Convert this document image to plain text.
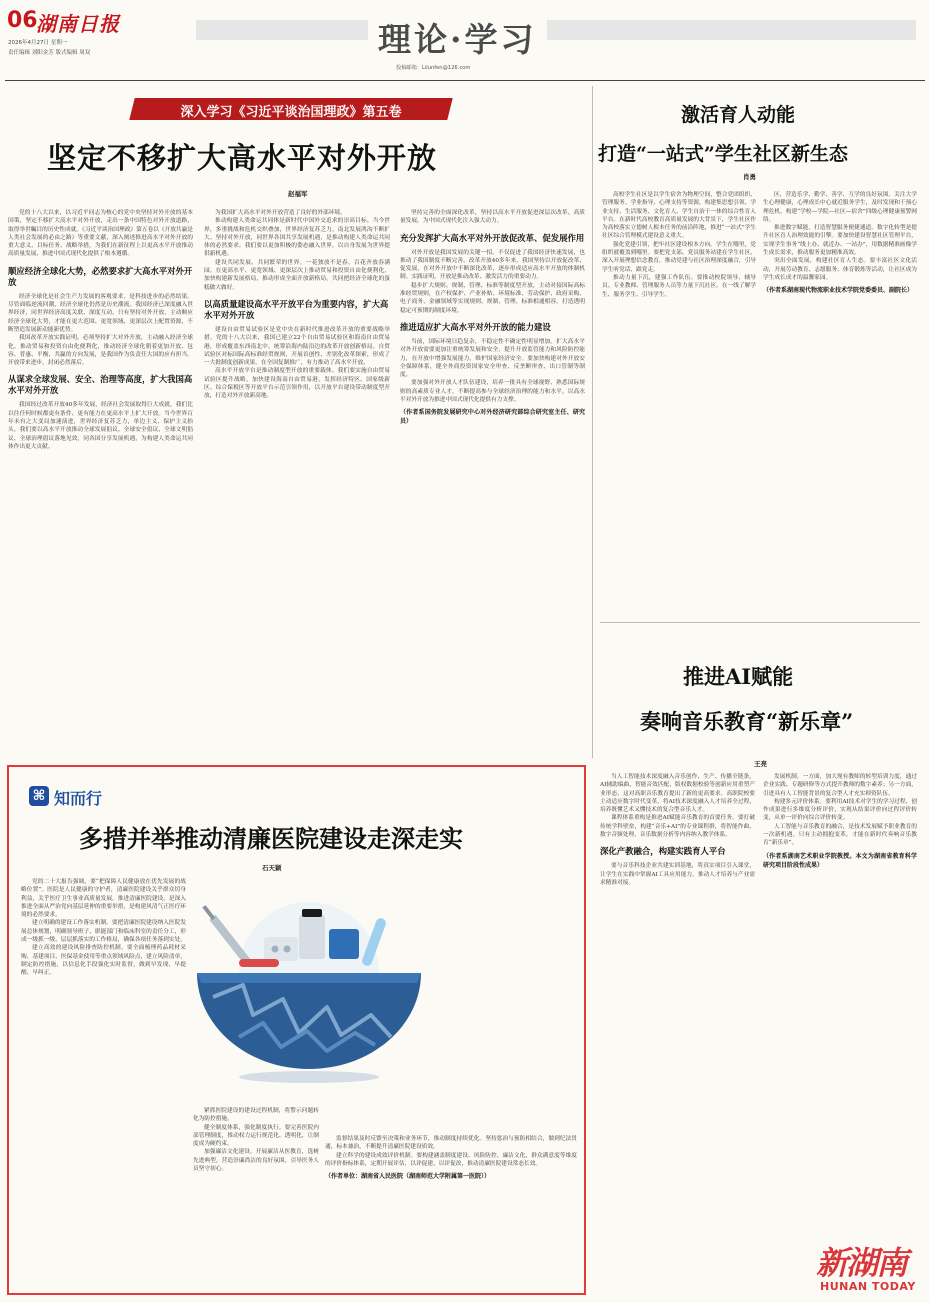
06
湖南日报
2026年4月27日 星期一
责任编辑 刘阳金芳 版式编辑 周双	理论·学习
投稿邮箱：Lilunfen@126.com
深入学习《习近平谈治国理政》第五卷
坚定不移扩大高水平对外开放
赵福军

党的十八大以来，以习近平同志为核心的党中央坚持对外开放的基本国策，坚定不移扩大高水平对外开放，走出一条中国特色对外开放道路，取得举世瞩目的历史性成就。《习近平谈治国理政》第五卷以《开放共赢是人类社会发展的必由之路》等重要文献，深入阐述推进高水平对外开放的重大意义、目标任务、战略举措，为我们在新征程上以更高水平开放推动高质量发展、推进中国式现代化提供了根本遵循。

顺应经济全球化大势，必然要求扩大高水平对外开放

经济全球化是社会生产力发展的客观要求，是科技进步的必然结果。尽管面临逆流回潮，经济全球化仍然是历史潮流。我国经济已深度融入世界经济，同世界经济高度关联、深度互动，只有坚持对外开放、主动顺应经济全球化大势，才能在更大范围、更宽领域、更深层次上配置资源，不断塑造发展新动能新优势。

我国改革开放实践证明，必须坚持扩大对外开放，主动融入经济全球化。推动贸易和投资自由化便利化，推动经济全球化朝着更加开放、包容、普惠、平衡、共赢的方向发展，是我国作为负责任大国的应有担当。开放带来进步，封闭必然落后。

从谋求全球发展、安全、治理等高度，扩大我国高水平对外开放

我国经过改革开放40多年发展，经济社会发展取得巨大成就，我们比以往任何时候都更有条件、更有能力在更高水平上扩大开放。当今世界百年未有之大变局加速演进，世界经济复苏乏力，单边主义、保护主义抬头。我们要以高水平开放推动全球发展倡议、全球安全倡议、全球文明倡议、全球治理倡议落地见效，同各国分享发展机遇，为构建人类命运共同体作出更大贡献。

为我国扩大高水平对外开放营造了良好的外部环境。

推动构建人类命运共同体是新时代中国外交追求的崇高目标。当今世界，多重挑战和危机交织叠加，世界经济复苏乏力，南北发展鸿沟不断扩大。坚持对外开放，同世界各国共享发展机遇，是推动构建人类命运共同体的必然要求。我们要以更加积极的姿态融入世界，以自身发展为世界提供新机遇。

建设共同发展、共同繁荣的世界。一花独放不是春，百花齐放春满园。在更高水平、更宽领域、更深层次上推动贸易和投资自由化便利化，加快构建新发展格局，推动形成全面开放新格局，共同把经济全球化的蛋糕做大做好。

以高质量建设高水平开放平台为重要内容，扩大高水平对外开放

建设自由贸易试验区是党中央在新时代推进改革开放的重要战略举措。党的十八大以来，我国已建立22个自由贸易试验区和海南自由贸易港，形成覆盖东西南北中、统筹沿海内陆沿边的改革开放创新格局。自贸试验区对标国际高标准经贸规则，开展首创性、差别化改革探索，形成了一大批制度创新成果，在全国复制推广，有力推动了高水平开放。

高水平开放平台是推动制度型开放的重要载体。我们要实施自由贸易试验区提升战略，加快建设海南自由贸易港，发挥经济特区、国家级新区、综合保税区等开放平台示范引领作用，以开放平台建设带动制度型开放，打造对外开放新高地。

坚持完善的全面深化改革，坚持以高水平开放促进深层次改革、高质量发展，为中国式现代化注入强大动力。

充分发挥扩大高水平对外开放促改革、促发展作用

对外开放是我国发展的关键一招。不仅促进了我国经济快速发展，也推动了我国制度不断完善。改革开放40多年来，我国坚持以开放促改革、促发展，在对外开放中不断深化改革，逐步形成适应高水平开放的体制机制。实践证明，开放是推动改革、激发活力的重要动力。

稳步扩大规则、规制、管理、标准等制度型开放，主动对接国际高标准经贸规则，在产权保护、产业补贴、环境标准、劳动保护、政府采购、电子商务、金融领域等实现规则、规制、管理、标准相通相容，打造透明稳定可预期的制度环境。

推进适应扩大高水平对外开放的能力建设

当前，国际环境日趋复杂，不稳定性不确定性明显增加。扩大高水平对外开放需要更加注重统筹发展和安全，提升开放监管能力和风险防控能力，在开放中增强发展能力，维护国家经济安全。要加快构建对外开放安全保障体系，健全外商投资国家安全审查、反垄断审查、出口管制等制度。

要加强对外开放人才队伍建设，培养一批具有全球视野、熟悉国际规则的高素质专业人才，不断提高参与全球经济治理的能力和水平，以高水平对外开放为推进中国式现代化提供有力支撑。

（作者系国务院发展研究中心对外经济研究部综合研究室主任、研究员）

激活育人动能
打造“一站式”学生社区新生态
肖勇

高校学生社区是以学生宿舍为物理空间，整合党团组织、管理服务、学业指导、心理支持等资源，构建集思想引领、学业支持、生活服务、文化育人、学生自治于一体的综合性育人平台。在新时代高校教育高质量发展的大背景下，学生社区作为高校落实立德树人根本任务的前沿阵地，推进“一站式”学生社区综合管理模式建设意义重大。

强化党建引领，把牢社区建设根本方向。学生在哪里，党组织就覆盖到哪里。要把党支部、党员服务站建在学生社区，深入开展理想信念教育，推动党建与社区治理深度融合，引导学生听党话、跟党走。

推动力量下沉，建强工作队伍。要推动校院领导、辅导员、专业教师、管理服务人员等力量下沉社区，在一线了解学生、服务学生、引导学生。

区，营造乐学、勤学、善学、互学的良好氛围。关注大学生心理健康，心理成长中心就近服务学生，及时发现和干预心理危机，构建“学校—学院—社区—宿舍”四级心理健康预警网络。

推进数字赋能，打造智慧服务便捷通道。数字化转型是提升社区育人治理效能的引擎。要加快建设智慧社区管理平台，实现学生事务“线上办、就近办、一站办”，用数据精准画像学生成长需求，推动服务更加精准高效。

突出全面发展，构建社区育人生态。要丰富社区文化活动，开展劳动教育、志愿服务、体育锻炼等活动，让社区成为学生成长成才的温馨家园。

（作者系湖南现代物流职业技术学院党委委员、副院长）

推进AI赋能
奏响音乐教育“新乐章”
王亮

当人工智能技术深度融入音乐创作、生产、传播全链条，AI辅助编曲、智能音效匹配、版权数据校验等创新应用重塑产业形态，这对高职音乐教育提出了新的更高要求。高职院校要主动适应数字时代变革，将AI技术深度融入人才培养全过程，培养既懂艺术又懂技术的复合型音乐人才。

课程体系重构是推进AI赋能音乐教育的首要任务。要打破传统学科壁垒，构建“音乐+AI”的专业课程群，将智能作曲、数字音频处理、音乐数据分析等内容纳入教学体系。

深化产教融合，构建实践育人平台

要与音乐科技企业共建实训基地，将真实项目引入课堂，让学生在实践中掌握AI工具应用能力，推动人才培养与产业需求精准对接。

发展机制。一方面，加大现有教师的转型培训力度，通过企业实践、专题研修等方式提升教师的数字素养；另一方面，引进具有人工智能背景的复合型人才充实师资队伍。

构建多元评价体系。要利用AI技术对学生的学习过程、创作成果进行多维度分析评价，实现从结果评价向过程评价转变，从单一评价向综合评价转变。

人工智能与音乐教育的融合，是技术发展赋予职业教育的一次新机遇。只有主动拥抱变革，才能在新时代奏响音乐教育“新乐章”。

（作者系湖南艺术职业学院教授。本文为湖南省教育科学研究项目阶段性成果）

⌘ 知而行
多措并举推动清廉医院建设走深走实
石天颖

党的二十大报告强调，要“把保障人民健康放在优先发展的战略位置”。医院是人民健康的守护者，清廉医院建设关乎群众切身利益，关乎医疗卫生事业高质量发展。推进清廉医院建设，是深入推进全面从严治党向基层延伸的重要举措，是构建风清气正医疗环境的必然要求。

建立明确的建设工作落实机制。要把清廉医院建设纳入医院发展总体规划，明确领导班子、职能部门和临床科室的责任分工，形成一级抓一级、层层抓落实的工作格局，确保各项任务落到实处。

建立高效的建设风险排查防控机制。要全面梳理药品耗材采购、基建项目、医保基金使用等重点领域风险点，建立风险清单，制定防控措施，以信息化手段强化实时监督，做到早发现、早提醒、早纠正。

紧抓医院建设的建设过程机制，将警示问题转化为防控措施。

健全制度体系，强化制度执行。要完善医院内部管理制度，推动权力运行规范化、透明化，让制度成为硬约束。

加强廉洁文化建设。开展廉洁从医教育，选树先进典型，营造崇廉尚洁的良好氛围，引导医务人员坚守初心。

监督结果及时反馈至决策和业务环节，推动制度持续优化。坚持惩治与预防相结合，做到纪法贯通、标本兼治，不断提升清廉医院建设质效。

建立科学的建设成效评价机制。要构建涵盖制度建设、风险防控、廉洁文化、群众满意度等维度的评价指标体系，定期开展评估，以评促建、以评促改，推动清廉医院建设常态长效。

（作者单位：湖南省人民医院（湖南师范大学附属第一医院））

新湖南
HUNAN TODAY
